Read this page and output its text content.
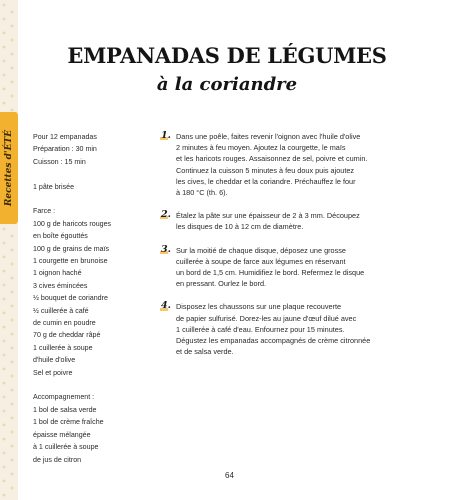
Recettes d'ÉTÉ
EMPANADAS DE LÉGUMES
à la coriandre
Pour 12 empanadas
Préparation : 30 min
Cuisson : 15 min
1 pâte brisée
Farce :
100 g de haricots rouges
en boîte égouttés
100 g de grains de maïs
1 courgette en brunoise
1 oignon haché
3 cives émincées
½ bouquet de coriandre
½ cuillerée à café
de cumin en poudre
70 g de cheddar râpé
1 cuillerée à soupe
d'huile d'olive
Sel et poivre
Accompagnement :
1 bol de salsa verde
1 bol de crème fraîche
épaisse mélangée
à 1 cuillerée à soupe
de jus de citron
1. Dans une poêle, faites revenir l'oignon avec l'huile d'olive
2 minutes à feu moyen. Ajoutez la courgette, le maïs
et les haricots rouges. Assaisonnez de sel, poivre et cumin.
Continuez la cuisson 5 minutes à feu doux puis ajoutez
les cives, le cheddar et la coriandre. Préchauffez le four
à 180 °C (th. 6).
2. Étalez la pâte sur une épaisseur de 2 à 3 mm. Découpez
les disques de 10 à 12 cm de diamètre.
3. Sur la moitié de chaque disque, déposez une grosse
cuillerée à soupe de farce aux légumes en réservant
un bord de 1,5 cm. Humidifiez le bord. Refermez le disque
en pressant. Ourlez le bord.
4. Disposez les chaussons sur une plaque recouverte
de papier sulfurisé. Dorez-les au jaune d'œuf dilué avec
1 cuillerée à café d'eau. Enfournez pour 15 minutes.
Dégustez les empanadas accompagnés de crème citronnée
et de salsa verde.
64
